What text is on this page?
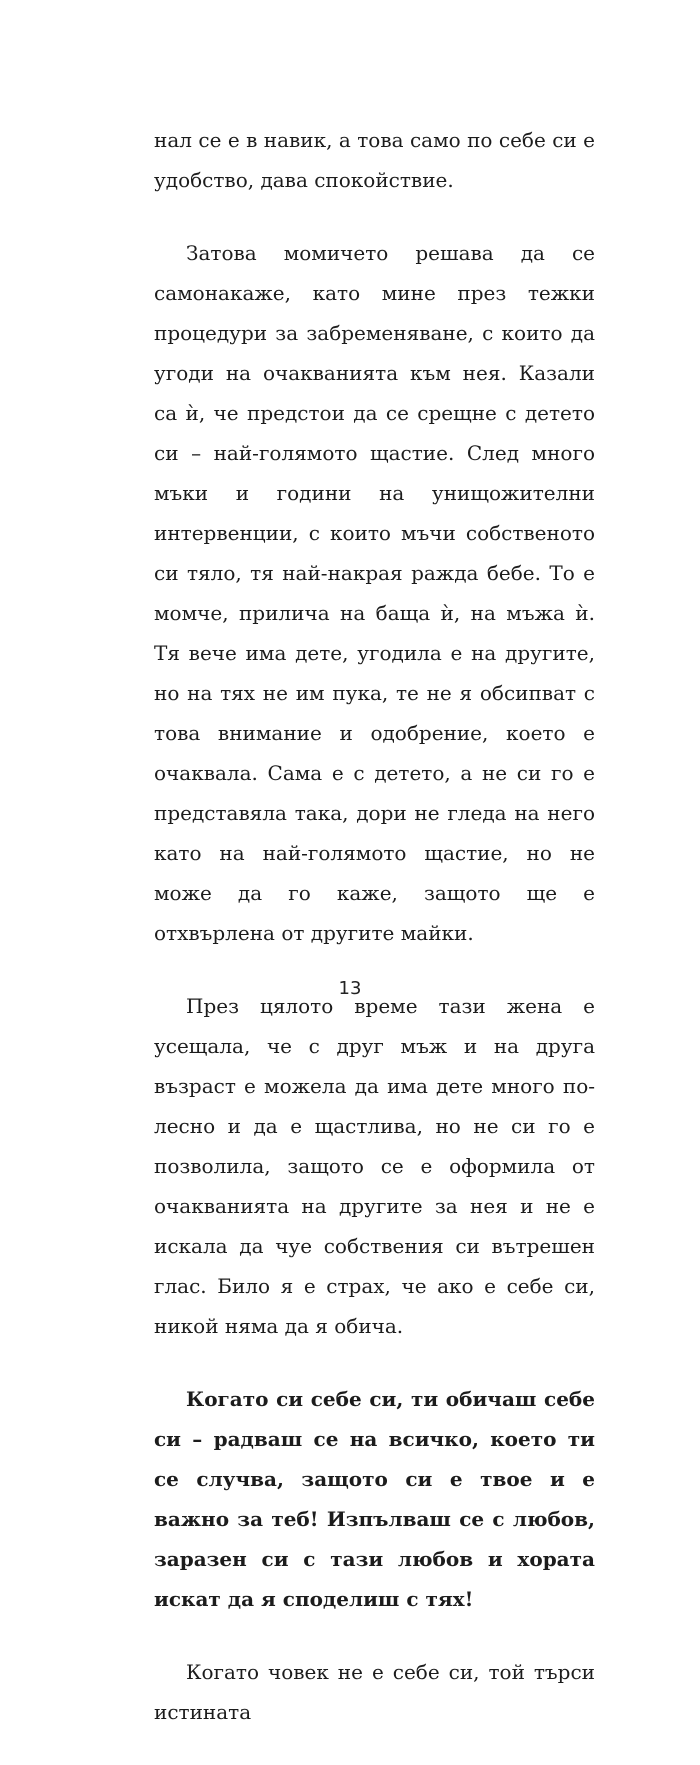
нал се е в навик, а това само по себе си е удобство, дава спокойствие.

Затова момичето решава да се самонакаже, като мине през тежки процедури за забременяване, с които да угоди на очакванията към нея. Казали са ѝ, че предстои да се срещне с детето си – най-голямото щастие. След много мъки и години на унищожителни интервенции, с които мъчи собственото си тяло, тя най-накрая ражда бебе. То е момче, прилича на баща ѝ, на мъжа ѝ. Тя вече има дете, угодила е на другите, но на тях не им пука, те не я обсипват с това внимание и одобрение, което е очаквала. Сама е с детето, а не си го е представяла така, дори не гледа на него като на най-голямото щастие, но не може да го каже, защото ще е отхвърлена от другите майки.

През цялото време тази жена е усещала, че с друг мъж и на друга възраст е можела да има дете много по-лесно и да е щастлива, но не си го е позволила, защото се е оформила от очакванията на другите за нея и не е искала да чуе собствения си вътрешен глас. Било я е страх, че ако е себе си, никой няма да я обича.

Когато си себе си, ти обичаш себе си – радваш се на всичко, което ти се случва, защото си е твое и е важно за теб! Изпълваш се с любов, заразен си с тази любов и хората искат да я споделиш с тях!

Когато човек не е себе си, той търси истината

13
